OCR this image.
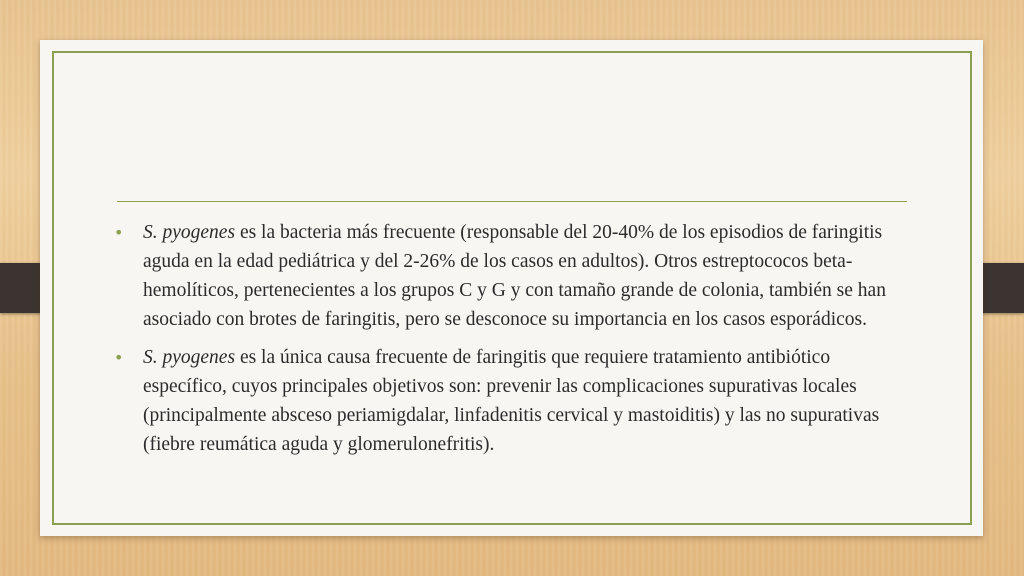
• S. pyogenes es la bacteria más frecuente (responsable del 20-40% de los episodios de faringitis aguda en la edad pediátrica y del 2-26% de los casos en adultos). Otros estreptococos beta-hemolíticos, pertenecientes a los grupos C y G y con tamaño grande de colonia, también se han asociado con brotes de faringitis, pero se desconoce su importancia en los casos esporádicos.
• S. pyogenes es la única causa frecuente de faringitis que requiere tratamiento antibiótico específico, cuyos principales objetivos son: prevenir las complicaciones supurativas locales (principalmente absceso periamigdalar, linfadenitis cervical y mastoiditis) y las no supurativas (fiebre reumática aguda y glomerulonefritis).
